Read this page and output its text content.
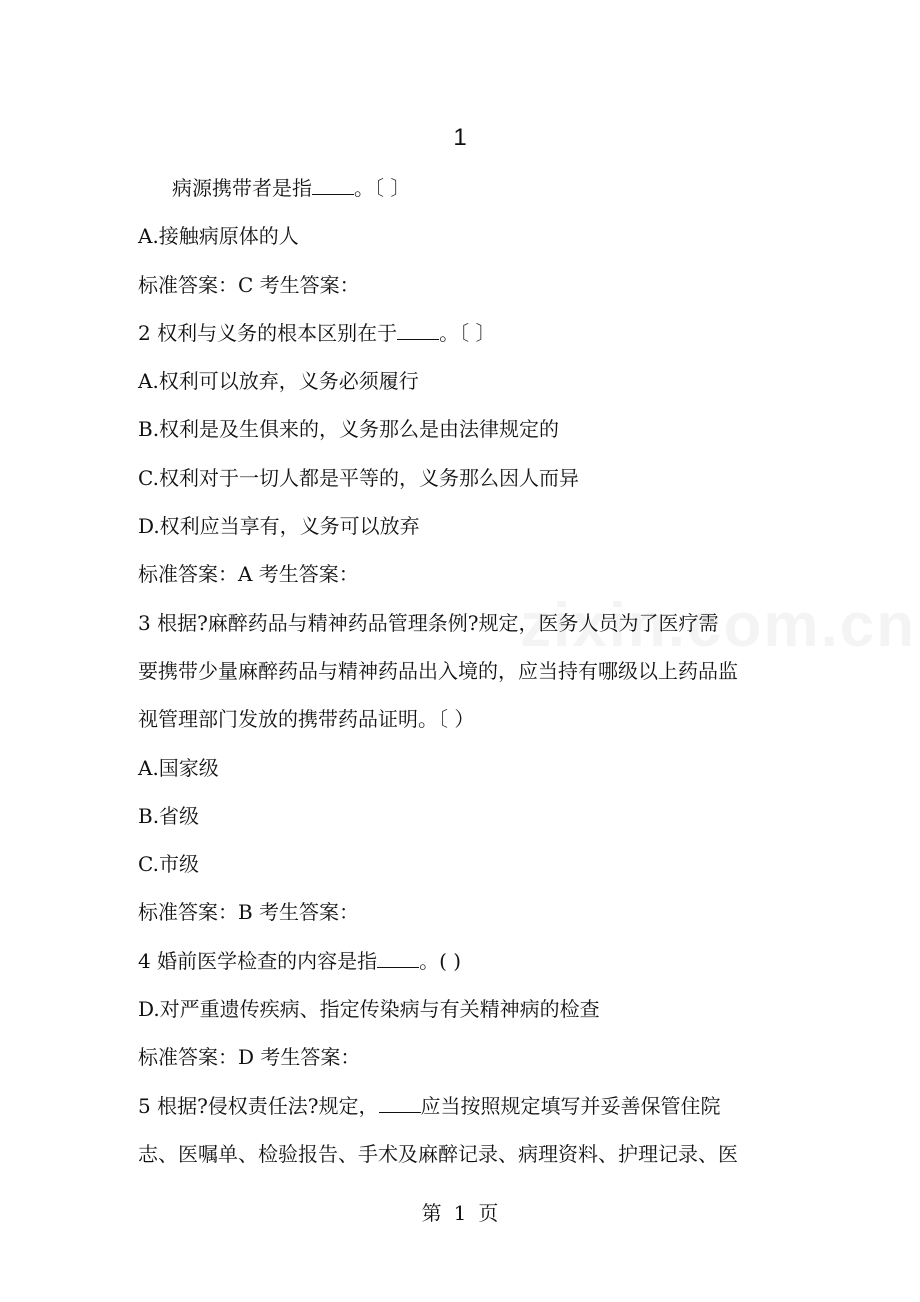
1
病源携带者是指 。〔 〕
A.接触病原体的人
标准答案：C 考生答案：
2 权利与义务的根本区别在于 。〔 〕
A.权利可以放弃，义务必须履行
B.权利是及生俱来的，义务那么是由法律规定的
C.权利对于一切人都是平等的，义务那么因人而异
D.权利应当享有，义务可以放弃
标准答案：A 考生答案：
3 根据?麻醉药品与精神药品管理条例?规定，医务人员为了医疗需
要携带少量麻醉药品与精神药品出入境的，应当持有哪级以上药品监
视管理部门发放的携带药品证明。〔 ）
A.国家级
B.省级
C.市级
标准答案：B 考生答案：
4 婚前医学检查的内容是指 。( )
D.对严重遗传疾病、指定传染病与有关精神病的检查
标准答案：D 考生答案：
5 根据?侵权责任法?规定， 应当按照规定填写并妥善保管住院
志、医嘱单、检验报告、手术及麻醉记录、病理资料、护理记录、医
第 1 页
